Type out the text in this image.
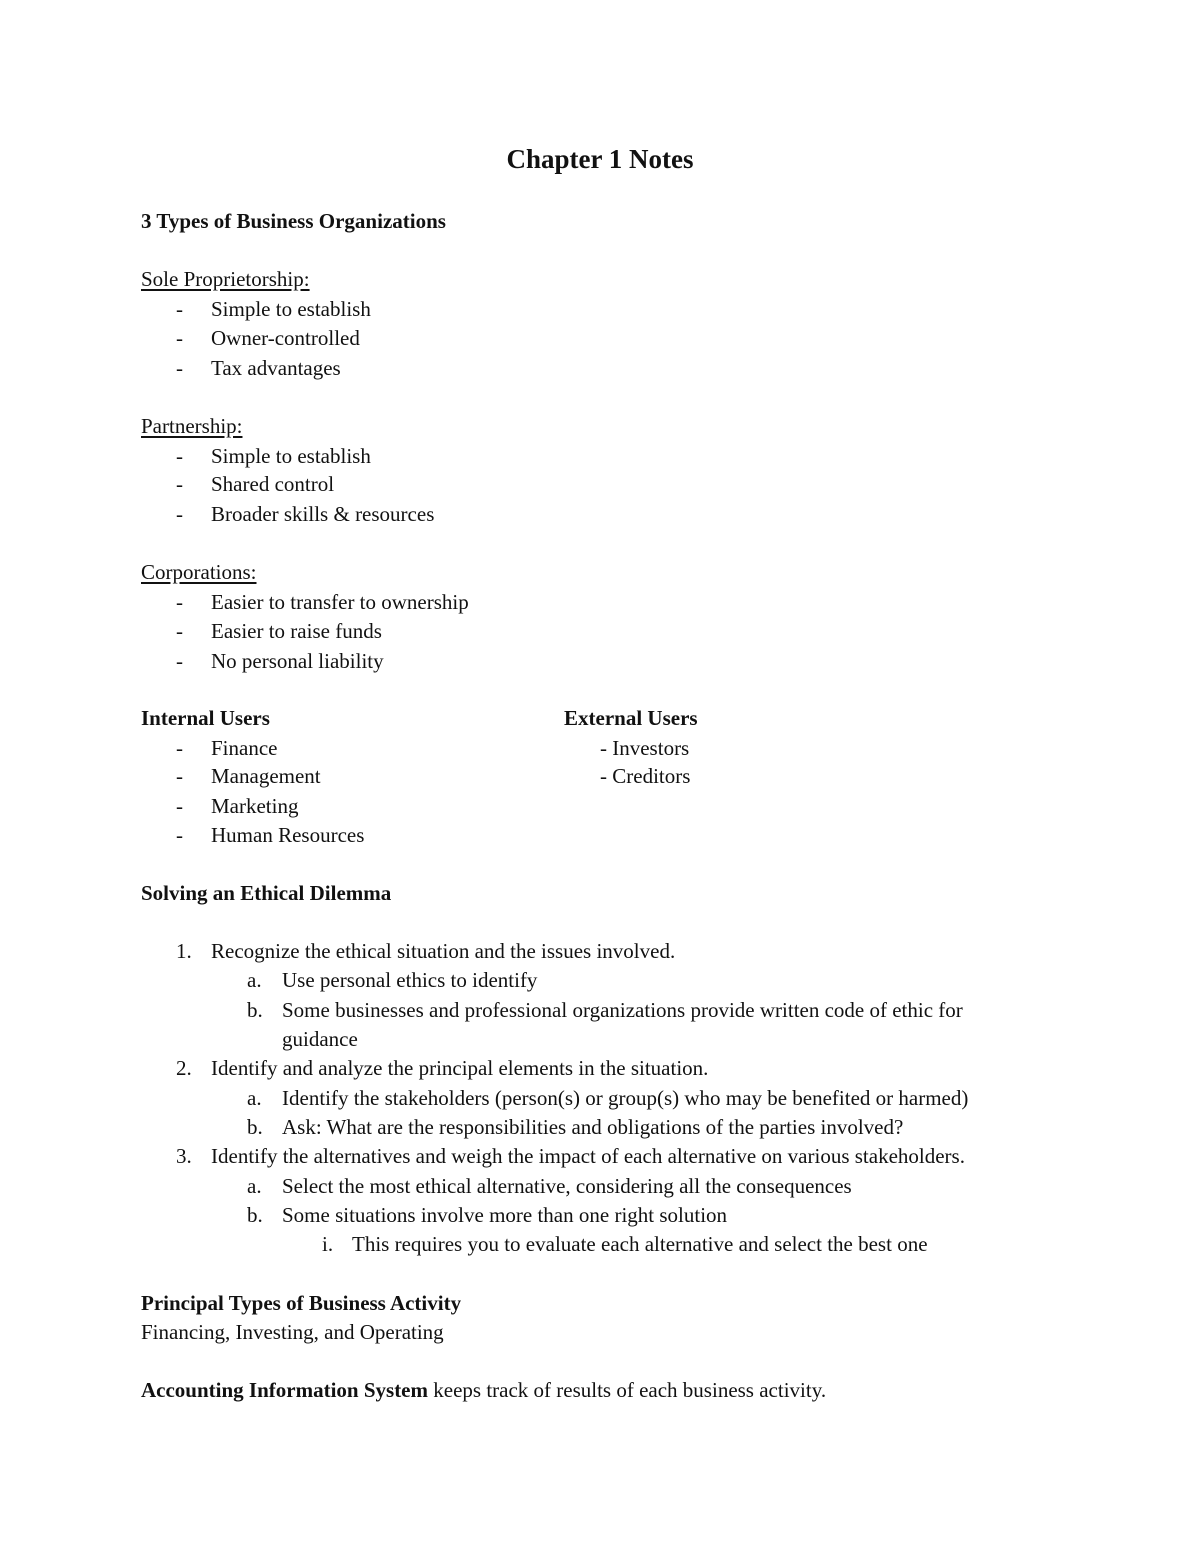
Chapter 1 Notes
3 Types of Business Organizations
Sole Proprietorship:
-	Simple to establish
-	Owner-controlled
-	Tax advantages
Partnership:
-	Simple to establish
-	Shared control
-	Broader skills & resources
Corporations:
-	Easier to transfer to ownership
-	Easier to raise funds
-	No personal liability
Internal Users	External Users
-	Finance
-	Management
-	Marketing
-	Human Resources
- Investors
- Creditors
Solving an Ethical Dilemma
1. Recognize the ethical situation and the issues involved.
a. Use personal ethics to identify
b. Some businesses and professional organizations provide written code of ethic for
guidance
2. Identify and analyze the principal elements in the situation.
a. Identify the stakeholders (person(s) or group(s) who may be benefited or harmed)
b. Ask: What are the responsibilities and obligations of the parties involved?
3. Identify the alternatives and weigh the impact of each alternative on various stakeholders.
a. Select the most ethical alternative, considering all the consequences
b. Some situations involve more than one right solution
i. This requires you to evaluate each alternative and select the best one
Principal Types of Business Activity
Financing, Investing, and Operating
Accounting Information System keeps track of results of each business activity.
